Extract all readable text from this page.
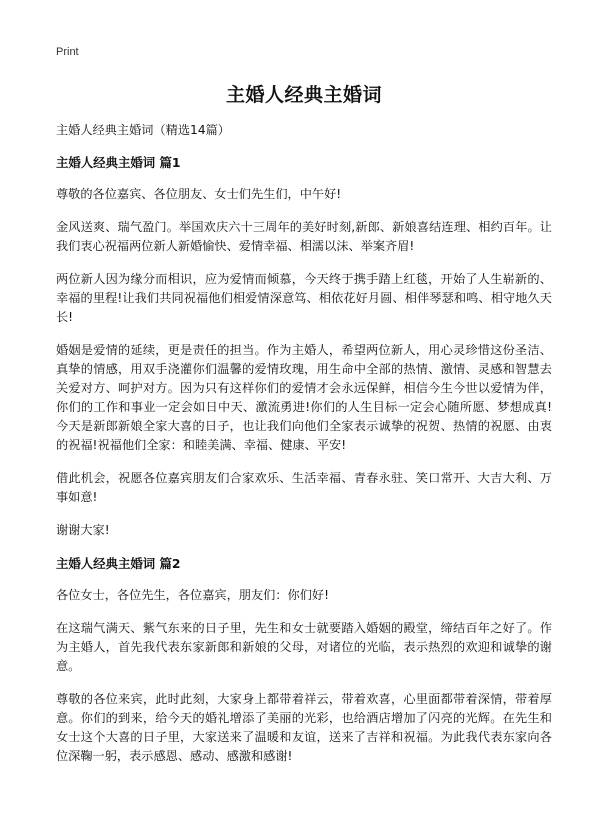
Print
主婚人经典主婚词

主婚人经典主婚词（精选14篇）

主婚人经典主婚词 篇1

尊敬的各位嘉宾、各位朋友、女士们先生们，中午好!

金风送爽、瑞气盈门。举国欢庆六十三周年的美好时刻,新郎、新娘喜结连理、相约百年。让我们衷心祝福两位新人新婚愉快、爱情幸福、相濡以沫、举案齐眉!

两位新人因为缘分而相识，应为爱情而倾慕，今天终于携手踏上红毯，开始了人生崭新的、幸福的里程!让我们共同祝福他们相爱情深意笃、相依花好月圆、相伴琴瑟和鸣、相守地久天长!

婚姻是爱情的延续，更是责任的担当。作为主婚人，希望两位新人，用心灵珍惜这份圣洁、真挚的情感，用双手浇灌你们温馨的爱情玫瑰，用生命中全部的热情、激情、灵感和智慧去关爱对方、呵护对方。因为只有这样你们的爱情才会永远保鲜，相信今生今世以爱情为伴，你们的工作和事业一定会如日中天、激流勇进!你们的人生目标一定会心随所愿、梦想成真!今天是新郎新娘全家大喜的日子，也让我们向他们全家表示诚挚的祝贺、热情的祝愿、由衷的祝福!祝福他们全家：和睦美满、幸福、健康、平安!

借此机会，祝愿各位嘉宾朋友们合家欢乐、生活幸福、青春永驻、笑口常开、大吉大利、万事如意!

谢谢大家!

主婚人经典主婚词 篇2

各位女士，各位先生，各位嘉宾，朋友们：你们好!

在这瑞气满天、紫气东来的日子里，先生和女士就要踏入婚姻的殿堂，缔结百年之好了。作为主婚人，首先我代表东家新郎和新娘的父母，对诸位的光临，表示热烈的欢迎和诚挚的谢意。

尊敬的各位来宾，此时此刻，大家身上都带着祥云，带着欢喜，心里面都带着深情，带着厚意。你们的到来，给今天的婚礼增添了美丽的光彩，也给酒店增加了闪亮的光辉。在先生和女士这个大喜的日子里，大家送来了温暖和友谊，送来了吉祥和祝福。为此我代表东家向各位深鞠一躬，表示感恩、感动、感激和感谢!
